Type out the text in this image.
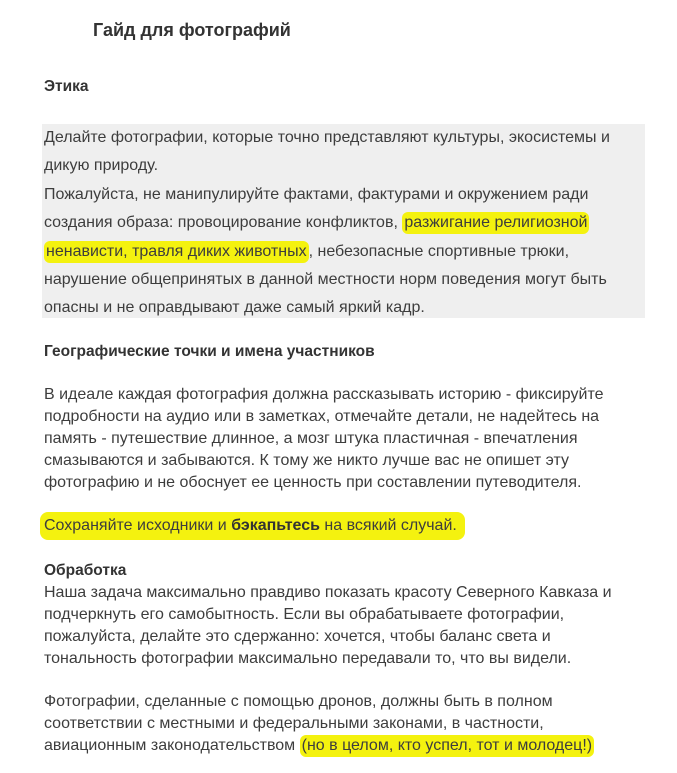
Гайд для фотографий
Этика
Делайте фотографии, которые точно представляют культуры, экосистемы и
дикую природу.
Пожалуйста, не манипулируйте фактами, фактурами и окружением ради
создания образа: провоцирование конфликтов, разжигание религиозной
ненависти, травля диких животных , небезопасные спортивные трюки,
нарушение общепринятых в данной местности норм поведения могут быть
опасны и не оправдывают даже самый яркий кадр.
Географические точки и имена участников
В идеале каждая фотография должна рассказывать историю - фиксируйте
подробности на аудио или в заметках, отмечайте детали, не надейтесь на
память - путешествие длинное, а мозг штука пластичная - впечатления
смазываются и забываются. К тому же никто лучше вас не опишет эту
фотографию и не обоснует ее ценность при составлении путеводителя.
Сохраняйте исходники и бэкапьтесь на всякий случай.
Обработка
Наша задача максимально правдиво показать красоту Северного Кавказа и
подчеркнуть его самобытность. Если вы обрабатываете фотографии,
пожалуйста, делайте это сдержанно: хочется, чтобы баланс света и
тональность фотографии максимально передавали то, что вы видели.
Фотографии, сделанные с помощью дронов, должны быть в полном
соответствии с местными и федеральными законами, в частности,
авиационным законодательством (но в целом, кто успел, тот и молодец!)
